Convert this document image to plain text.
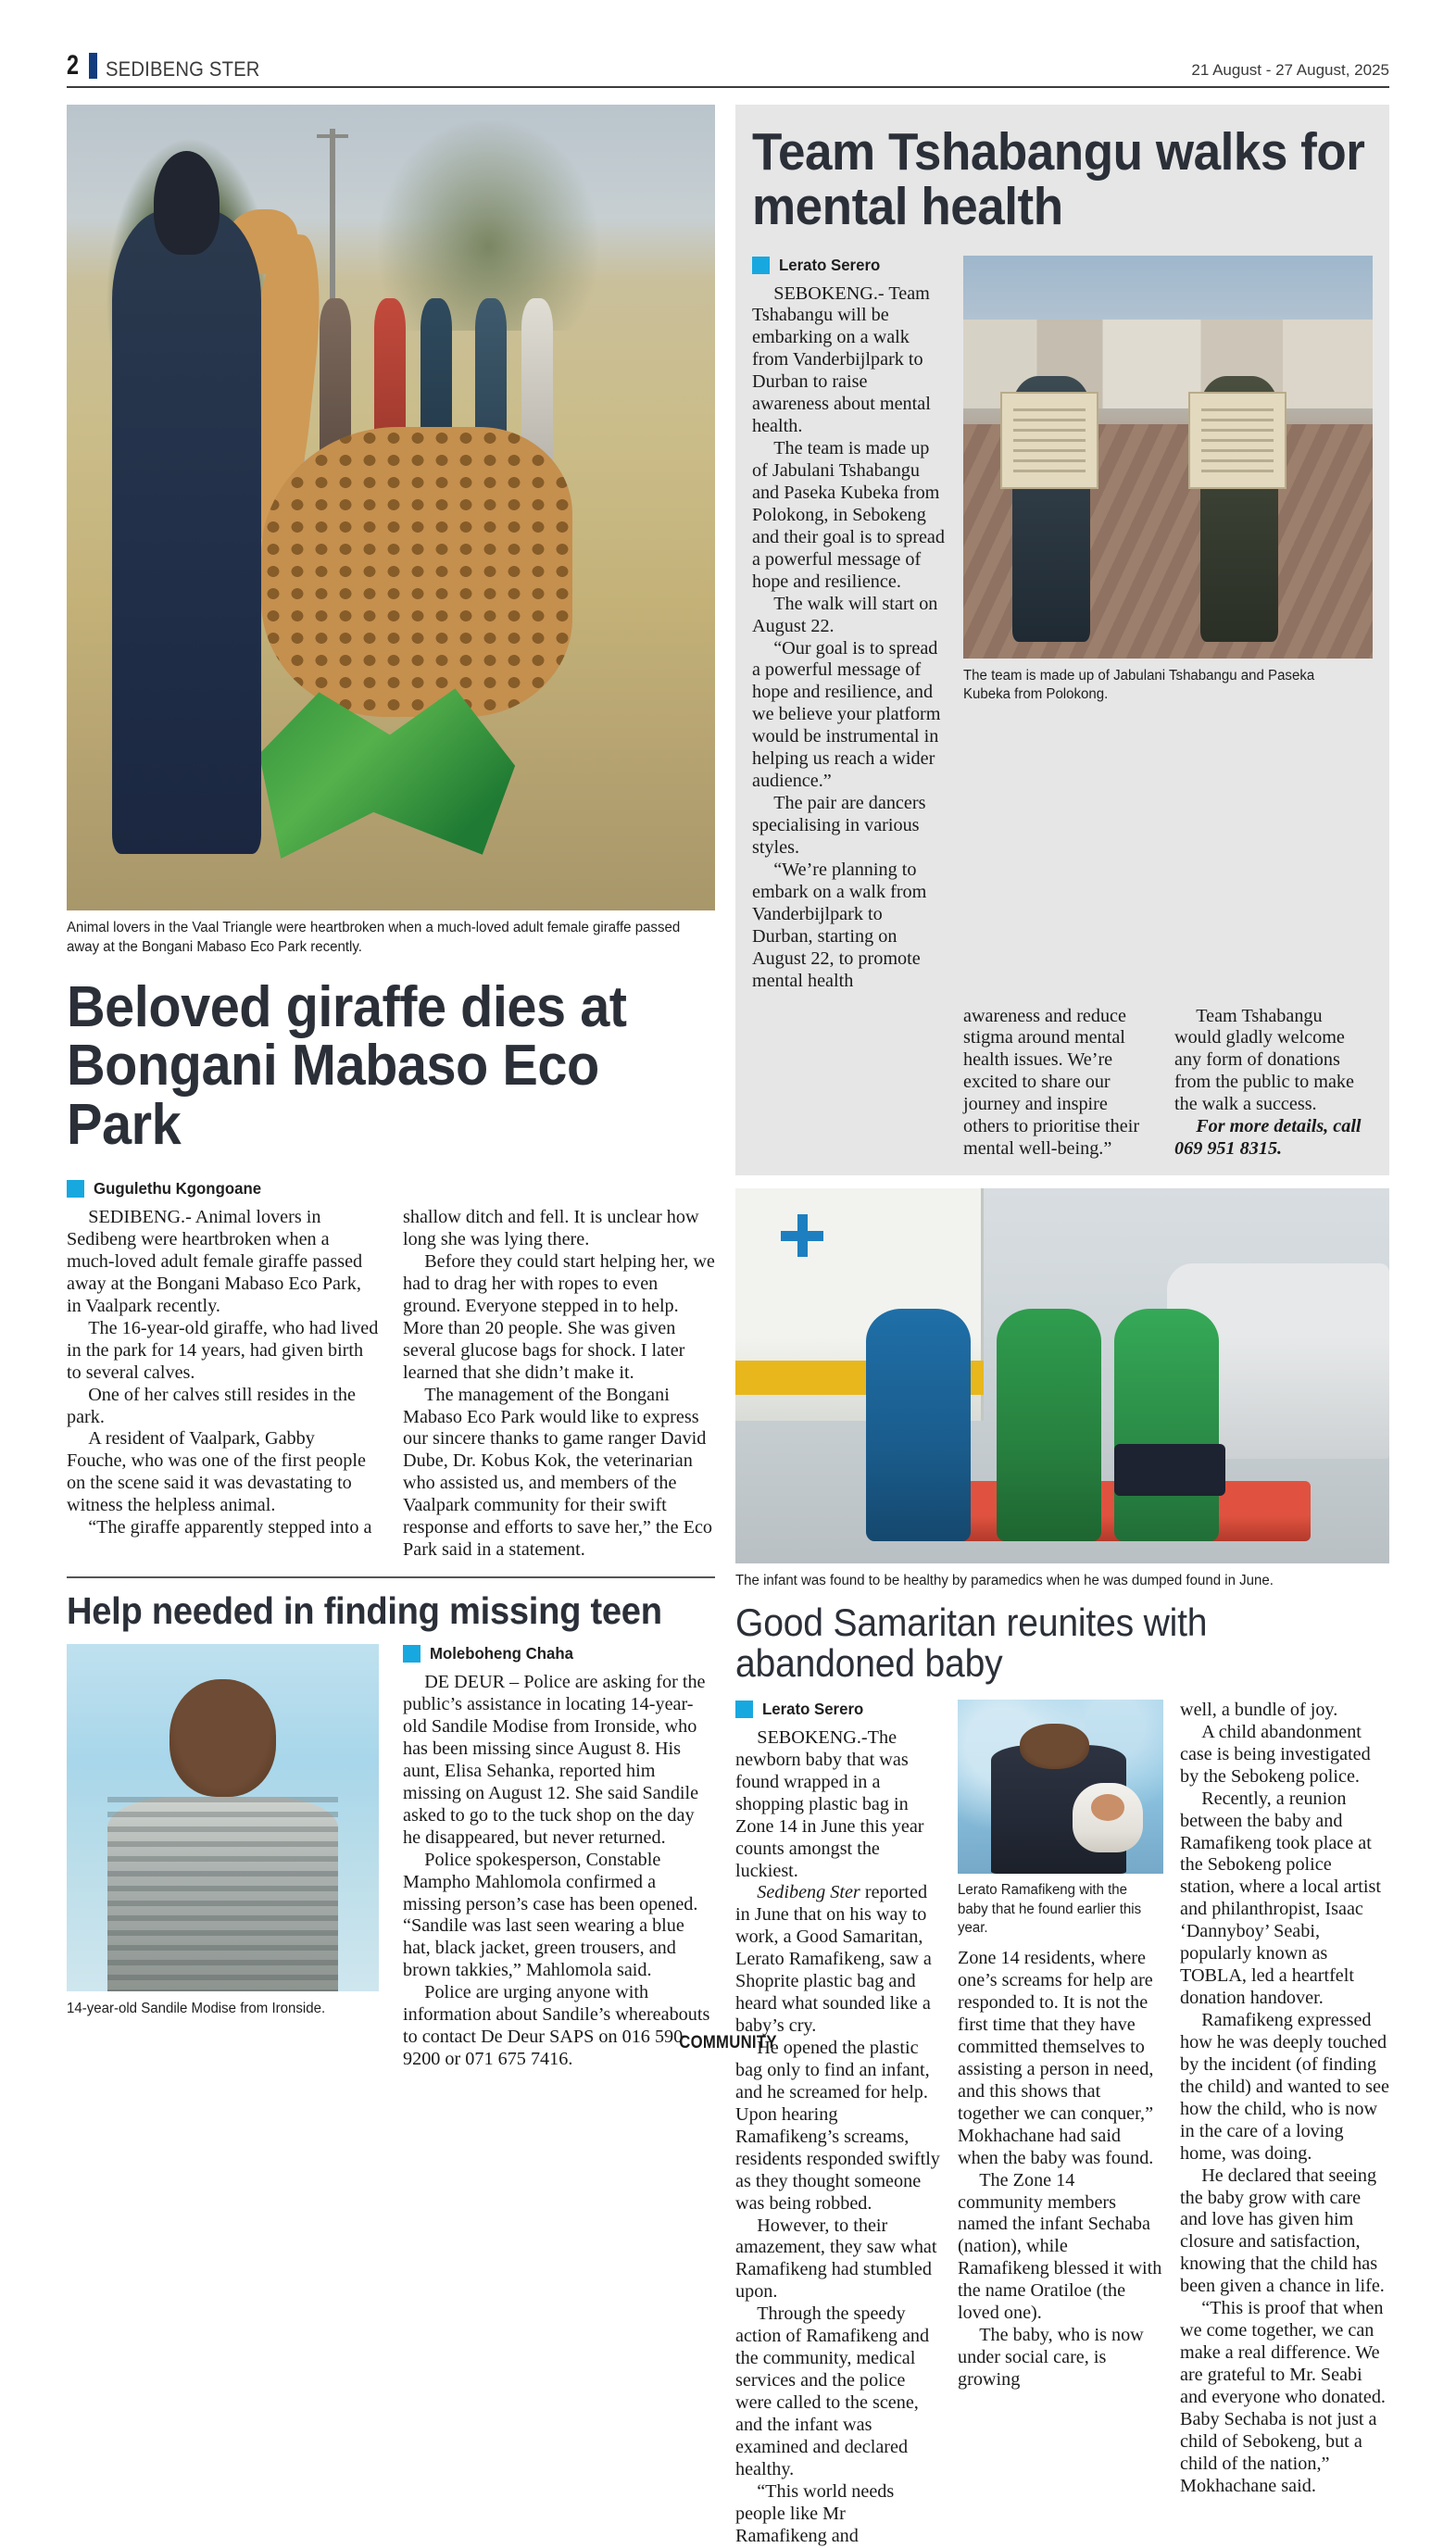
2 SEDIBENG STER
COMMUNITY
21 August - 27 August, 2025
Animal lovers in the Vaal Triangle were heartbroken when a much-loved adult female giraffe passed away at the Bongani Mabaso Eco Park recently.
Beloved giraffe dies at Bongani Mabaso Eco Park
Gugulethu Kgongoane

SEDIBENG.- Animal lovers in Sedibeng were heartbroken when a much-loved adult female giraffe passed away at the Bongani Mabaso Eco Park, in Vaalpark recently.

The 16-year-old giraffe, who had lived in the park for 14 years, had given birth to several calves.

One of her calves still resides in the park.

A resident of Vaalpark, Gabby Fouche, who was one of the first people on the scene said it was devastating to witness the helpless animal.

“The giraffe apparently stepped into a

shallow ditch and fell. It is unclear how long she was lying there.

Before they could start helping her, we had to drag her with ropes to even ground. Everyone stepped in to help. More than 20 people. She was given several glucose bags for shock. I later learned that she didn’t make it.

The management of the Bongani Mabaso Eco Park would like to express our sincere thanks to game ranger David Dube, Dr. Kobus Kok, the veterinarian who assisted us, and members of the Vaalpark community for their swift response and efforts to save her,” the Eco Park said in a statement.

Help needed in finding missing teen
14-year-old Sandile Modise from Ironside.
Moleboheng Chaha

DE DEUR – Police are asking for the public’s assistance in locating 14-year-old Sandile Modise from Ironside, who has been missing since August 8. His aunt, Elisa Sehanka, reported him missing on August 12. She said Sandile asked to go to the tuck shop on the day he disappeared, but never returned.

Police spokesperson, Constable Mampho Mahlomola confirmed a missing person’s case has been opened. “Sandile was last seen wearing a blue hat, black jacket, green trousers, and brown takkies,” Mahlomola said.

Police are urging anyone with information about Sandile’s whereabouts to contact De Deur SAPS on 016 590 9200 or 071 675 7416.

Team Tshabangu walks for mental health
Lerato Serero

SEBOKENG.- Team Tshabangu will be embarking on a walk from Vanderbijlpark to Durban to raise awareness about mental health.

The team is made up of Jabulani Tshabangu and Paseka Kubeka from Polokong, in Sebokeng and their goal is to spread a powerful message of hope and resilience.

The walk will start on August 22.

“Our goal is to spread a powerful message of hope and resilience, and we believe your platform would be instrumental in helping us reach a wider audience.”

The pair are dancers specialising in various styles.

“We’re planning to embark on a walk from Vanderbijlpark to Durban, starting on August 22, to promote mental health

The team is made up of Jabulani Tshabangu and Paseka Kubeka from Polokong.

awareness and reduce stigma around mental health issues. We’re excited to share our journey and inspire others to prioritise their mental well-being.”

Team Tshabangu would gladly welcome any form of donations from the public to make the walk a success.

For more details, call 069 951 8315.

The infant was found to be healthy by paramedics when he was dumped found in June.
Good Samaritan reunites with abandoned baby
Lerato Serero

SEBOKENG.-The newborn baby that was found wrapped in a shopping plastic bag in Zone 14 in June this year counts amongst the luckiest.

Sedibeng Ster reported in June that on his way to work, a Good Samaritan, Lerato Ramafikeng, saw a Shoprite plastic bag and heard what sounded like a baby’s cry.

He opened the plastic bag only to find an infant, and he screamed for help. Upon hearing Ramafikeng’s screams, residents responded swiftly as they thought someone was being robbed.

However, to their amazement, they saw what Ramafikeng had stumbled upon.

Through the speedy action of Ramafikeng and the community, medical services and the police were called to the scene, and the infant was examined and declared healthy.

“This world needs people like Mr Ramafikeng and

Lerato Ramafikeng with the baby that he found earlier this year.

Zone 14 residents, where one’s screams for help are responded to. It is not the first time that they have committed themselves to assisting a person in need, and this shows that together we can conquer,” Mokhachane had said when the baby was found.

The Zone 14 community members named the infant Sechaba (nation), while Ramafikeng blessed it with the name Oratiloe (the loved one).

The baby, who is now under social care, is growing

well, a bundle of joy.

A child abandonment case is being investigated by the Sebokeng police.

Recently, a reunion between the baby and Ramafikeng took place at the Sebokeng police station, where a local artist and philanthropist, Isaac ‘Dannyboy’ Seabi, popularly known as TOBLA, led a heartfelt donation handover.

Ramafikeng expressed how he was deeply touched by the incident (of finding the child) and wanted to see how the child, who is now in the care of a loving home, was doing.

He declared that seeing the baby grow with care and love has given him closure and satisfaction, knowing that the child has been given a chance in life.

“This is proof that when we come together, we can make a real difference. We are grateful to Mr. Seabi and everyone who donated. Baby Sechaba is not just a child of Sebokeng, but a child of the nation,” Mokhachane said.
